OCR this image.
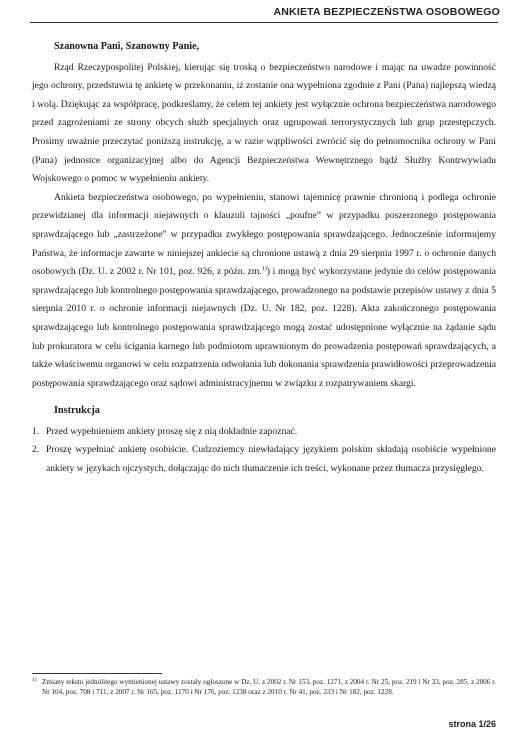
ANKIETA BEZPIECZEŃSTWA OSOBOWEGO

Szanowna Pani, Szanowny Panie,

Rząd Rzeczypospolitej Polskiej, kierując się troską o bezpieczeństwo narodowe i mając na uwadze powinność jego ochrony, przedstawia tę ankietę w przekonaniu, iż zostanie ona wypełniona zgodnie z Pani (Pana) najlepszą wiedzą i wolą. Dziękując za współpracę, podkreślamy, że celem tej ankiety jest wyłącznie ochrona bezpieczeństwa narodowego przed zagrożeniami ze strony obcych służb specjalnych oraz ugrupowań terrorystycznych lub grup przestępczych. Prosimy uważnie przeczytać poniższą instrukcję, a w razie wątpliwości zwrócić się do pełnomocnika ochrony w Pani (Pana) jednostce organizacyjnej albo do Agencji Bezpieczeństwa Wewnętrznego bądź Służby Kontrwywiadu Wojskowego o pomoc w wypełnieniu ankiety.

Ankieta bezpieczeństwa osobowego, po wypełnieniu, stanowi tajemnicę prawnie chronioną i podlega ochronie przewidzianej dla informacji niejawnych o klauzuli tajności „poufne” w przypadku poszerzonego postępowania sprawdzającego lub „zastrzeżone” w przypadku zwykłego postępowania sprawdzającego. Jednocześnie informujemy Państwa, że informacje zawarte w niniejszej ankiecie są chronione ustawą z dnia 29 sierpnia 1997 r. o ochronie danych osobowych (Dz. U. z 2002 r. Nr 101, poz. 926, z późn. zm.$^{1)}$) i mogą być wykorzystane jedynie do celów postępowania sprawdzającego lub kontrolnego postępowania sprawdzającego, prowadzonego na podstawie przepisów ustawy z dnia 5 sierpnia 2010 r. o ochronie informacji niejawnych (Dz. U. Nr 182, poz. 1228). Akta zakończonego postępowania sprawdzającego lub kontrolnego postępowania sprawdzającego mogą zostać udostępnione wyłącznie na żądanie sądu lub prokuratora w celu ścigania karnego lub podmiotom uprawnionym do prowadzenia postępowań sprawdzających, a także właściwemu organowi w celu rozpatrzenia odwołania lub dokonania sprawdzenia prawidłowości przeprowadzenia postępowania sprawdzającego oraz sądowi administracyjnemu w związku z rozpatrywaniem skargi.

Instrukcja
1. Przed wypełnieniem ankiety proszę się z nią dokładnie zapoznać.
2. Proszę wypełniać ankietę osobiście. Cudzoziemcy niewładający językiem polskim składają osobiście wypełnione ankiety w językach ojczystych, dołączając do nich tłumaczenie ich treści, wykonane przez tłumacza przysięgłego.
1) Zmiany tekstu jednolitego wymienionej ustawy zostały ogłoszone w Dz. U. z 2002 r. Nr 153, poz. 1271, z 2004 r. Nr 25, poz. 219 i Nr 33, poz. 285, z 2006 r. Nr 104, poz. 708 i 711, z 2007 r. Nr 165, poz. 1170 i Nr 176, poz. 1238 oraz z 2010 r. Nr 41, poz. 233 i Nr 182, poz. 1228.
strona 1/26
